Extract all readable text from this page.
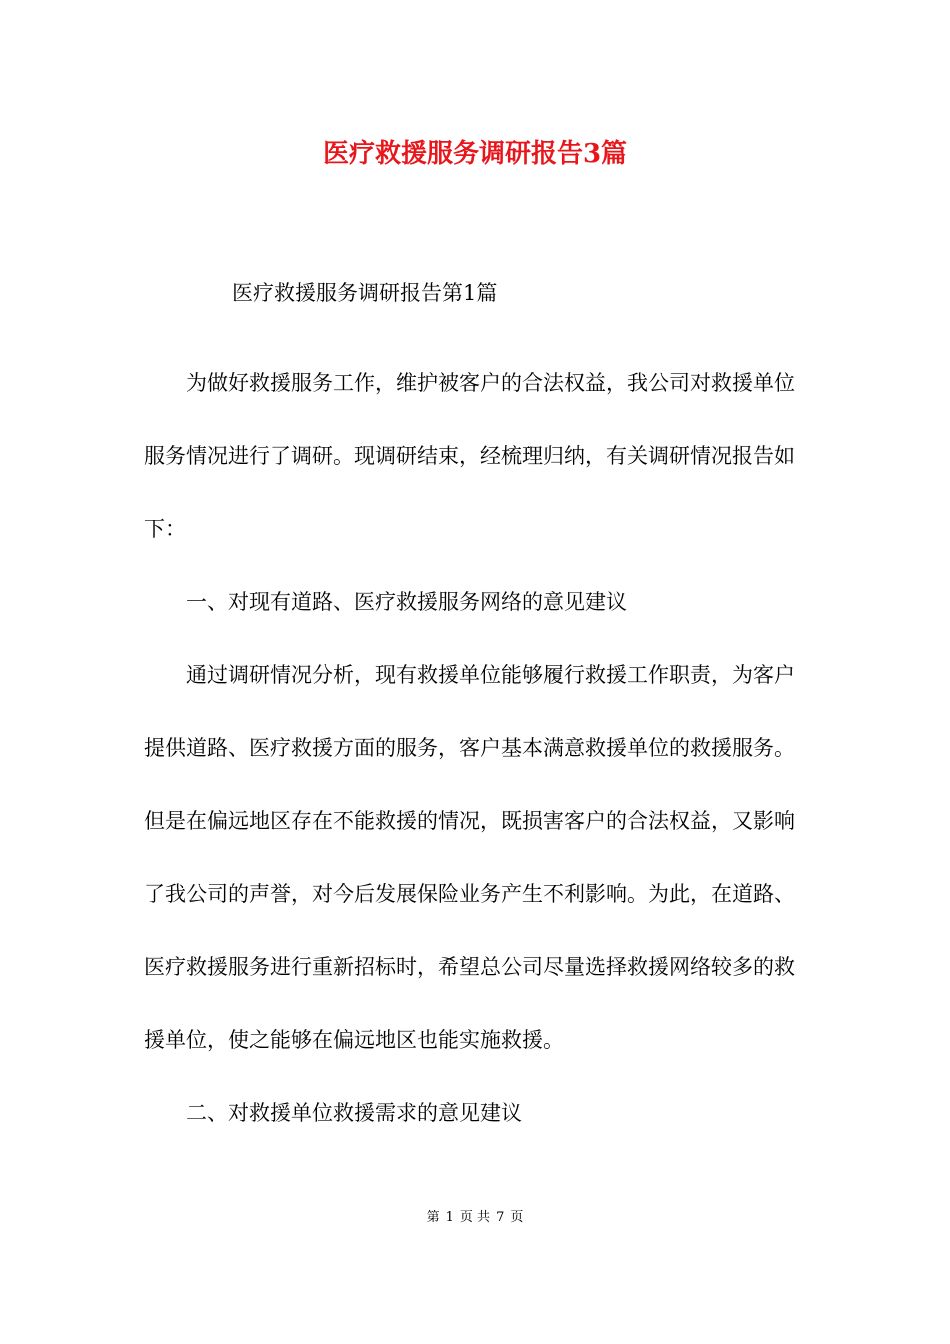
医疗救援服务调研报告3篇
医疗救援服务调研报告第1篇

为做好救援服务工作，维护被客户的合法权益，我公司对救援单位服务情况进行了调研。现调研结束，经梳理归纳，有关调研情况报告如下：

一、对现有道路、医疗救援服务网络的意见建议

通过调研情况分析，现有救援单位能够履行救援工作职责，为客户提供道路、医疗救援方面的服务，客户基本满意救援单位的救援服务。但是在偏远地区存在不能救援的情况，既损害客户的合法权益，又影响了我公司的声誉，对今后发展保险业务产生不利影响。为此，在道路、医疗救援服务进行重新招标时，希望总公司尽量选择救援网络较多的救援单位，使之能够在偏远地区也能实施救援。

二、对救援单位救援需求的意见建议

第 1 页 共 7 页
